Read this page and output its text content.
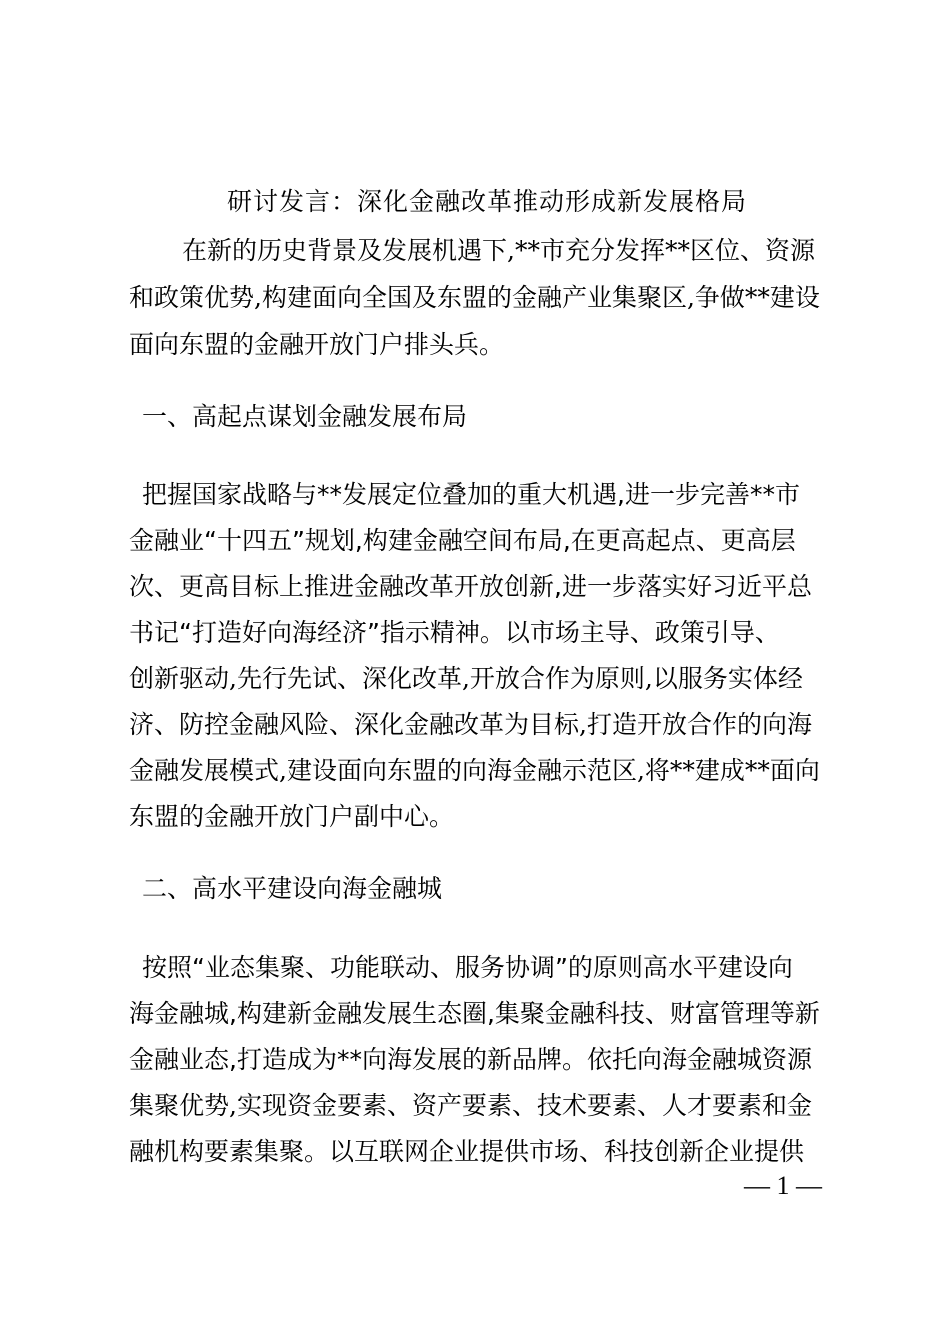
研讨发言：深化金融改革推动形成新发展格局
在新的历史背景及发展机遇下,**市充分发挥**区位、资源
和政策优势,构建面向全国及东盟的金融产业集聚区,争做**建设
面向东盟的金融开放门户排头兵。
一、高起点谋划金融发展布局
把握国家战略与**发展定位叠加的重大机遇,进一步完善**市
金融业“十四五”规划,构建金融空间布局,在更高起点、更高层
次、更高目标上推进金融改革开放创新,进一步落实好习近平总
书记“打造好向海经济”指示精神。以市场主导、政策引导、
创新驱动,先行先试、深化改革,开放合作为原则,以服务实体经
济、防控金融风险、深化金融改革为目标,打造开放合作的向海
金融发展模式,建设面向东盟的向海金融示范区,将**建成**面向
东盟的金融开放门户副中心。
二、高水平建设向海金融城
按照“业态集聚、功能联动、服务协调”的原则高水平建设向
海金融城,构建新金融发展生态圈,集聚金融科技、财富管理等新
金融业态,打造成为**向海发展的新品牌。依托向海金融城资源
集聚优势,实现资金要素、资产要素、技术要素、人才要素和金
融机构要素集聚。以互联网企业提供市场、科技创新企业提供
— 1 —
